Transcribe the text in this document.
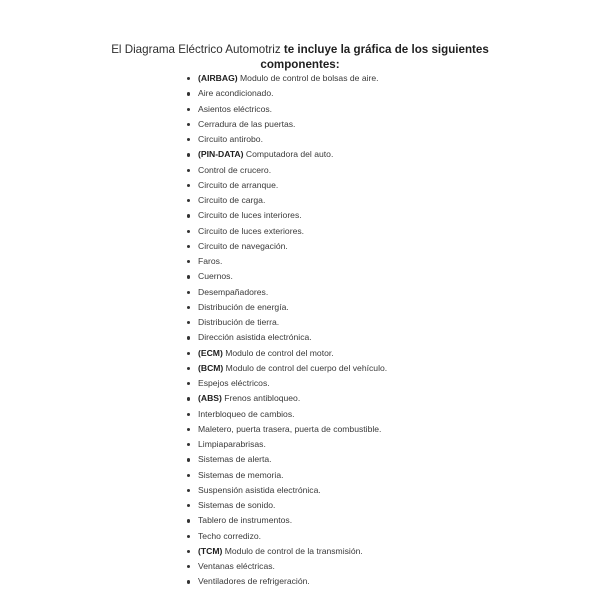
El Diagrama Eléctrico Automotriz te incluye la gráfica de los siguientes componentes:
(AIRBAG) Modulo de control de bolsas de aire.
Aire acondicionado.
Asientos eléctricos.
Cerradura de las puertas.
Circuito antirobo.
(PIN-DATA) Computadora del auto.
Control de crucero.
Circuito de arranque.
Circuito de carga.
Circuito de luces interiores.
Circuito de luces exteriores.
Circuito de navegación.
Faros.
Cuernos.
Desempañadores.
Distribución de energía.
Distribución de tierra.
Dirección asistida electrónica.
(ECM) Modulo de control del motor.
(BCM) Modulo de control del cuerpo del vehículo.
Espejos eléctricos.
(ABS) Frenos antibloqueo.
Interbloqueo de cambios.
Maletero, puerta trasera, puerta de combustible.
Limpiaparabrisas.
Sistemas de alerta.
Sistemas de memoria.
Suspensión asistida electrónica.
Sistemas de sonido.
Tablero de instrumentos.
Techo corredizo.
(TCM) Modulo de control de la transmisión.
Ventanas eléctricas.
Ventiladores de refrigeración.
